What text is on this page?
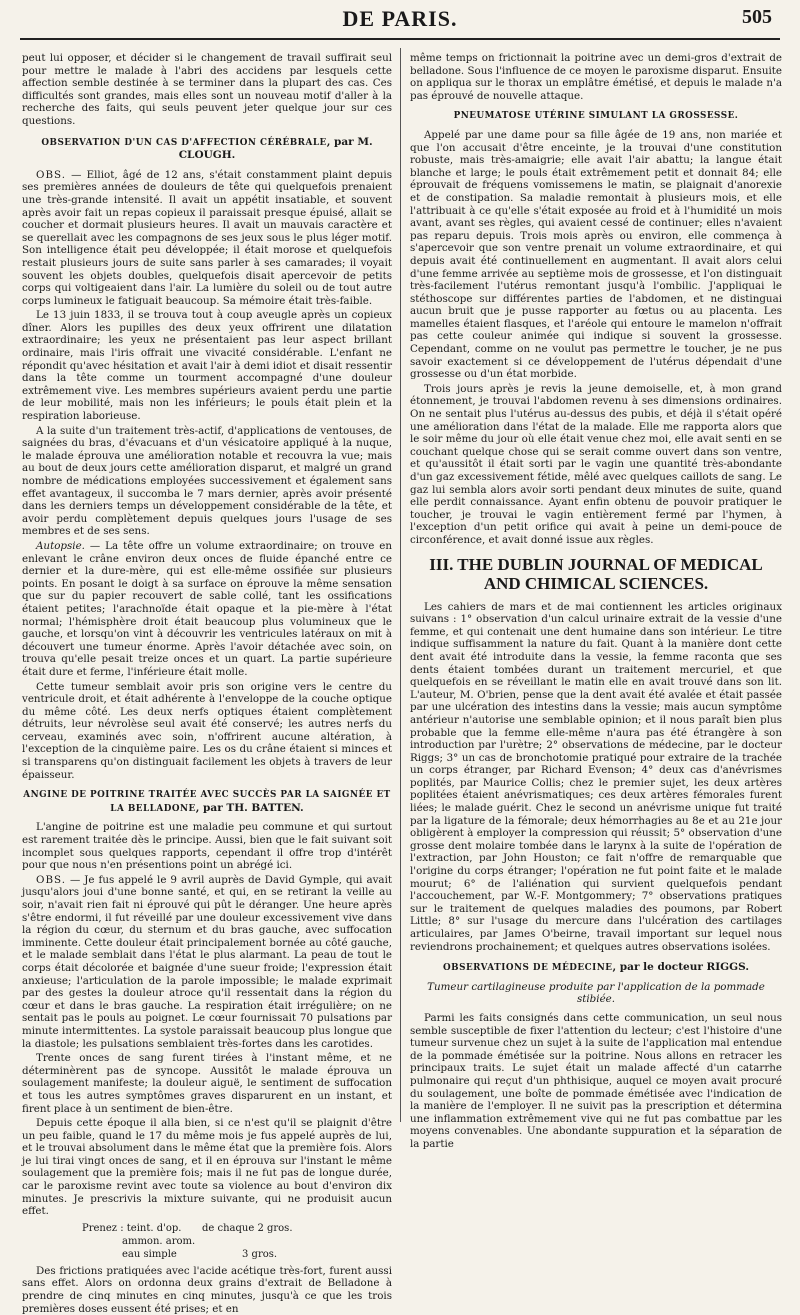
DE PARIS.	505

peut lui opposer, et décider si le changement de travail suffirait seul pour mettre le malade à l'abri des accidens par lesquels cette affection semble destinée à se terminer dans la plupart des cas. Ces difficultés sont grandes, mais elles sont un nouveau motif d'aller à la recherche des faits, qui seuls peuvent jeter quelque jour sur ces questions.

OBSERVATION D'UN CAS D'AFFECTION CÉRÉBRALE, par M. CLOUGH.

OBS. — Elliot, âgé de 12 ans, s'était constamment plaint depuis ses premières années de douleurs de tête qui quelquefois prenaient une très-grande intensité. Il avait un appétit insatiable, et souvent après avoir fait un repas copieux il paraissait presque épuisé, allait se coucher et dormait plusieurs heures. Il avait un mauvais caractère et se querellait avec les compagnons de ses jeux sous le plus léger motif. Son intelligence était peu développée; il était morose et quelquefois restait plusieurs jours de suite sans parler à ses camarades; il voyait souvent les objets doubles, quelquefois disait apercevoir de petits corps qui voltigeaient dans l'air. La lumière du soleil ou de tout autre corps lumineux le fatiguait beaucoup. Sa mémoire était très-faible.

Le 13 juin 1833, il se trouva tout à coup aveugle après un copieux dîner. Alors les pupilles des deux yeux offrirent une dilatation extraordinaire; les yeux ne présentaient pas leur aspect brillant ordinaire, mais l'iris offrait une vivacité considérable. L'enfant ne répondit qu'avec hésitation et avait l'air à demi idiot et disait ressentir dans la tête comme un tourment accompagné d'une douleur extrêmement vive. Les membres supérieurs avaient perdu une partie de leur mobilité, mais non les inférieurs; le pouls était plein et la respiration laborieuse.

A la suite d'un traitement très-actif, d'applications de ventouses, de saignées du bras, d'évacuans et d'un vésicatoire appliqué à la nuque, le malade éprouva une amélioration notable et recouvra la vue; mais au bout de deux jours cette amélioration disparut, et malgré un grand nombre de médications employées successivement et également sans effet avantageux, il succomba le 7 mars dernier, après avoir présenté dans les derniers temps un développement considérable de la tête, et avoir perdu complètement depuis quelques jours l'usage de ses membres et de ses sens.

Autopsie. — La tête offre un volume extraordinaire; on trouve en enlevant le crâne environ deux onces de fluide épanché entre ce dernier et la dure-mère, qui est elle-même ossifiée sur plusieurs points. En posant le doigt à sa surface on éprouve la même sensation que sur du papier recouvert de sable collé, tant les ossifications étaient petites; l'arachnoïde était opaque et la pie-mère à l'état normal; l'hémisphère droit était beaucoup plus volumineux que le gauche, et lorsqu'on vint à découvrir les ventricules latéraux on mit à découvert une tumeur énorme. Après l'avoir détachée avec soin, on trouva qu'elle pesait treize onces et un quart. La partie supérieure était dure et ferme, l'inférieure était molle.

Cette tumeur semblait avoir pris son origine vers le centre du ventricule droit, et était adhérente à l'enveloppe de la couche optique du même côté. Les deux nerfs optiques étaient complètement détruits, leur névrolèse seul avait été conservé; les autres nerfs du cerveau, examinés avec soin, n'offrirent aucune altération, à l'exception de la cinquième paire. Les os du crâne étaient si minces et si transparens qu'on distinguait facilement les objets à travers de leur épaisseur.

ANGINE DE POITRINE TRAITÉE AVEC SUCCÈS PAR LA SAIGNÉE ET LA BELLADONE, par TH. BATTEN.

L'angine de poitrine est une maladie peu commune et qui surtout est rarement traitée dès le principe. Aussi, bien que le fait suivant soit incomplet sous quelques rapports, cependant il offre trop d'intérêt pour que nous n'en présentions point un abrégé ici.

OBS. — Je fus appelé le 9 avril auprès de David Gymple, qui avait jusqu'alors joui d'une bonne santé, et qui, en se retirant la veille au soir, n'avait rien fait ni éprouvé qui pût le déranger. Une heure après s'être endormi, il fut réveillé par une douleur excessivement vive dans la région du cœur, du sternum et du bras gauche, avec suffocation imminente. Cette douleur était principalement bornée au côté gauche, et le malade semblait dans l'état le plus alarmant. La peau de tout le corps était décolorée et baignée d'une sueur froide; l'expression était anxieuse; l'articulation de la parole impossible; le malade exprimait par des gestes la douleur atroce qu'il ressentait dans la région du cœur et dans le bras gauche. La respiration était irrégulière; on ne sentait pas le pouls au poignet. Le cœur fournissait 70 pulsations par minute intermittentes. La systole paraissait beaucoup plus longue que la diastole; les pulsations semblaient très-fortes dans les carotides.

Trente onces de sang furent tirées à l'instant même, et ne déterminèrent pas de syncope. Aussitôt le malade éprouva un soulagement manifeste; la douleur aiguë, le sentiment de suffocation et tous les autres symptômes graves disparurent en un instant, et firent place à un sentiment de bien-être.

Depuis cette époque il alla bien, si ce n'est qu'il se plaignit d'être un peu faible, quand le 17 du même mois je fus appelé auprès de lui, et le trouvai absolument dans le même état que la première fois. Alors je lui tirai vingt onces de sang, et il en éprouva sur l'instant le même soulagement que la première fois; mais il ne fut pas de longue durée, car le paroxisme revint avec toute sa violence au bout d'environ dix minutes. Je prescrivis la mixture suivante, qui ne produisit aucun effet.

Prenez : teint. d'op.	de chaque 2 gros.
ammon. arom.
eau simple	3 gros.

Des frictions pratiquées avec l'acide acétique très-fort, furent aussi sans effet. Alors on ordonna deux grains d'extrait de Belladone à prendre de cinq minutes en cinq minutes, jusqu'à ce que les trois premières doses eussent été prises; et en

même temps on frictionnait la poitrine avec un demi-gros d'extrait de belladone. Sous l'influence de ce moyen le paroxisme disparut. Ensuite on appliqua sur le thorax un emplâtre émétisé, et depuis le malade n'a pas éprouvé de nouvelle attaque.

PNEUMATOSE UTÉRINE SIMULANT LA GROSSESSE.

Appelé par une dame pour sa fille âgée de 19 ans, non mariée et que l'on accusait d'être enceinte, je la trouvai d'une constitution robuste, mais très-amaigrie; elle avait l'air abattu; la langue était blanche et large; le pouls était extrêmement petit et donnait 84; elle éprouvait de fréquens vomissemens le matin, se plaignait d'anorexie et de constipation. Sa maladie remontait à plusieurs mois, et elle l'attribuait à ce qu'elle s'était exposée au froid et à l'humidité un mois avant, avant ses règles, qui avaient cessé de continuer; elles n'avaient pas reparu depuis. Trois mois après ou environ, elle commença à s'apercevoir que son ventre prenait un volume extraordinaire, et qui depuis avait été continuellement en augmentant. Il avait alors celui d'une femme arrivée au septième mois de grossesse, et l'on distinguait très-facilement l'utérus remontant jusqu'à l'ombilic. J'appliquai le stéthoscope sur différentes parties de l'abdomen, et ne distinguai aucun bruit que je pusse rapporter au fœtus ou au placenta. Les mamelles étaient flasques, et l'aréole qui entoure le mamelon n'offrait pas cette couleur animée qui indique si souvent la grossesse. Cependant, comme on ne voulut pas permettre le toucher, je ne pus savoir exactement si ce développement de l'utérus dépendait d'une grossesse ou d'un état morbide.

Trois jours après je revis la jeune demoiselle, et, à mon grand étonnement, je trouvai l'abdomen revenu à ses dimensions ordinaires. On ne sentait plus l'utérus au-dessus des pubis, et déjà il s'était opéré une amélioration dans l'état de la malade. Elle me rapporta alors que le soir même du jour où elle était venue chez moi, elle avait senti en se couchant quelque chose qui se serait comme ouvert dans son ventre, et qu'aussitôt il était sorti par le vagin une quantité très-abondante d'un gaz excessivement fétide, mêlé avec quelques caillots de sang. Le gaz lui sembla alors avoir sorti pendant deux minutes de suite, quand elle perdit connaissance. Ayant enfin obtenu de pouvoir pratiquer le toucher, je trouvai le vagin entièrement fermé par l'hymen, à l'exception d'un petit orifice qui avait à peine un demi-pouce de circonférence, et avait donné issue aux règles.

III. THE DUBLIN JOURNAL OF MEDICAL AND CHIMICAL SCIENCES.

Les cahiers de mars et de mai contiennent les articles originaux suivans : 1° observation d'un calcul urinaire extrait de la vessie d'une femme, et qui contenait une dent humaine dans son intérieur. Le titre indique suffisamment la nature du fait. Quant à la manière dont cette dent avait été introduite dans la vessie, la femme raconta que ses dents étaient tombées durant un traitement mercuriel, et que quelquefois en se réveillant le matin elle en avait trouvé dans son lit. L'auteur, M. O'brien, pense que la dent avait été avalée et était passée par une ulcération des intestins dans la vessie; mais aucun symptôme antérieur n'autorise une semblable opinion; et il nous paraît bien plus probable que la femme elle-même n'aura pas été étrangère à son introduction par l'urètre; 2° observations de médecine, par le docteur Riggs; 3° un cas de bronchotomie pratiqué pour extraire de la trachée un corps étranger, par Richard Evenson; 4° deux cas d'anévrismes poplités, par Maurice Collis; chez le premier sujet, les deux artères poplitées étaient anévrismatiques; ces deux artères fémorales furent liées; le malade guérit. Chez le second un anévrisme unique fut traité par la ligature de la fémorale; deux hémorrhagies au 8e et au 21e jour obligèrent à employer la compression qui réussit; 5° observation d'une grosse dent molaire tombée dans le larynx à la suite de l'opération de l'extraction, par John Houston; ce fait n'offre de remarquable que l'origine du corps étranger; l'opération ne fut point faite et le malade mourut; 6° de l'aliénation qui survient quelquefois pendant l'accouchement, par W.-F. Montgommery; 7° observations pratiques sur le traitement de quelques maladies des poumons, par Robert Little; 8° sur l'usage du mercure dans l'ulcération des cartilages articulaires, par James O'beirne, travail important sur lequel nous reviendrons prochainement; et quelques autres observations isolées.

OBSERVATIONS DE MÉDECINE, par le docteur RIGGS.
Tumeur cartilagineuse produite par l'application de la pommade stibiée.

Parmi les faits consignés dans cette communication, un seul nous semble susceptible de fixer l'attention du lecteur; c'est l'histoire d'une tumeur survenue chez un sujet à la suite de l'application mal entendue de la pommade émétisée sur la poitrine. Nous allons en retracer les principaux traits. Le sujet était un malade affecté d'un catarrhe pulmonaire qui reçut d'un phthisique, auquel ce moyen avait procuré du soulagement, une boîte de pommade émétisée avec l'indication de la manière de l'employer. Il ne suivit pas la prescription et détermina une inflammation extrêmement vive qui ne fut pas combattue par les moyens convenables. Une abondante suppuration et la séparation de la partie
